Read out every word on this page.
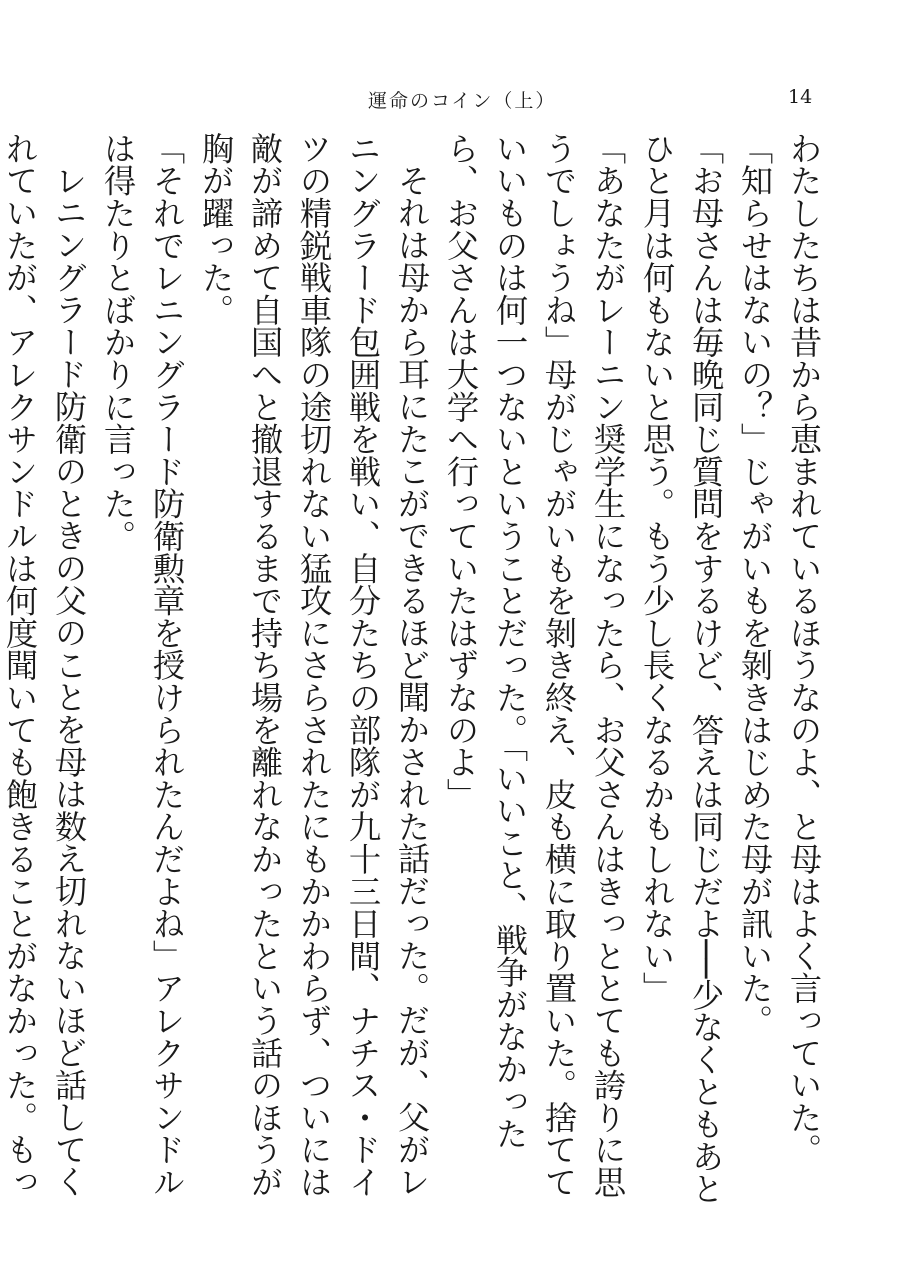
運命のコイン（上）	14

わたしたちは昔から恵まれているほうなのよ、と母はよく言っていた。

「知らせはないの？」じゃがいもを剝きはじめた母が訊いた。

「お母さんは毎晩同じ質問をするけど、答えは同じだよ──少なくともあとひと月は何もないと思う。もう少し長くなるかもしれない」

「あなたがレーニン奨学生になったら、お父さんはきっととても誇りに思うでしょうね」母がじゃがいもを剝き終え、皮も横に取り置いた。捨てていいものは何一つないということだった。「いいこと、戦争がなかったら、お父さんは大学へ行っていたはずなのよ」

それは母から耳にたこができるほど聞かされた話だった。だが、父がレニングラード包囲戦を戦い、自分たちの部隊が九十三日間、ナチス・ドイツの精鋭戦車隊の途切れない猛攻にさらされたにもかかわらず、ついには敵が諦めて自国へと撤退するまで持ち場を離れなかったという話のほうが胸が躍った。

「それでレニングラード防衛勲章を授けられたんだよね」アレクサンドルは得たりとばかりに言った。

レニングラード防衛のときの父のことを母は数え切れないほど話してくれていたが、アレクサンドルは何度聞いても飽きることがなかった。もっ
